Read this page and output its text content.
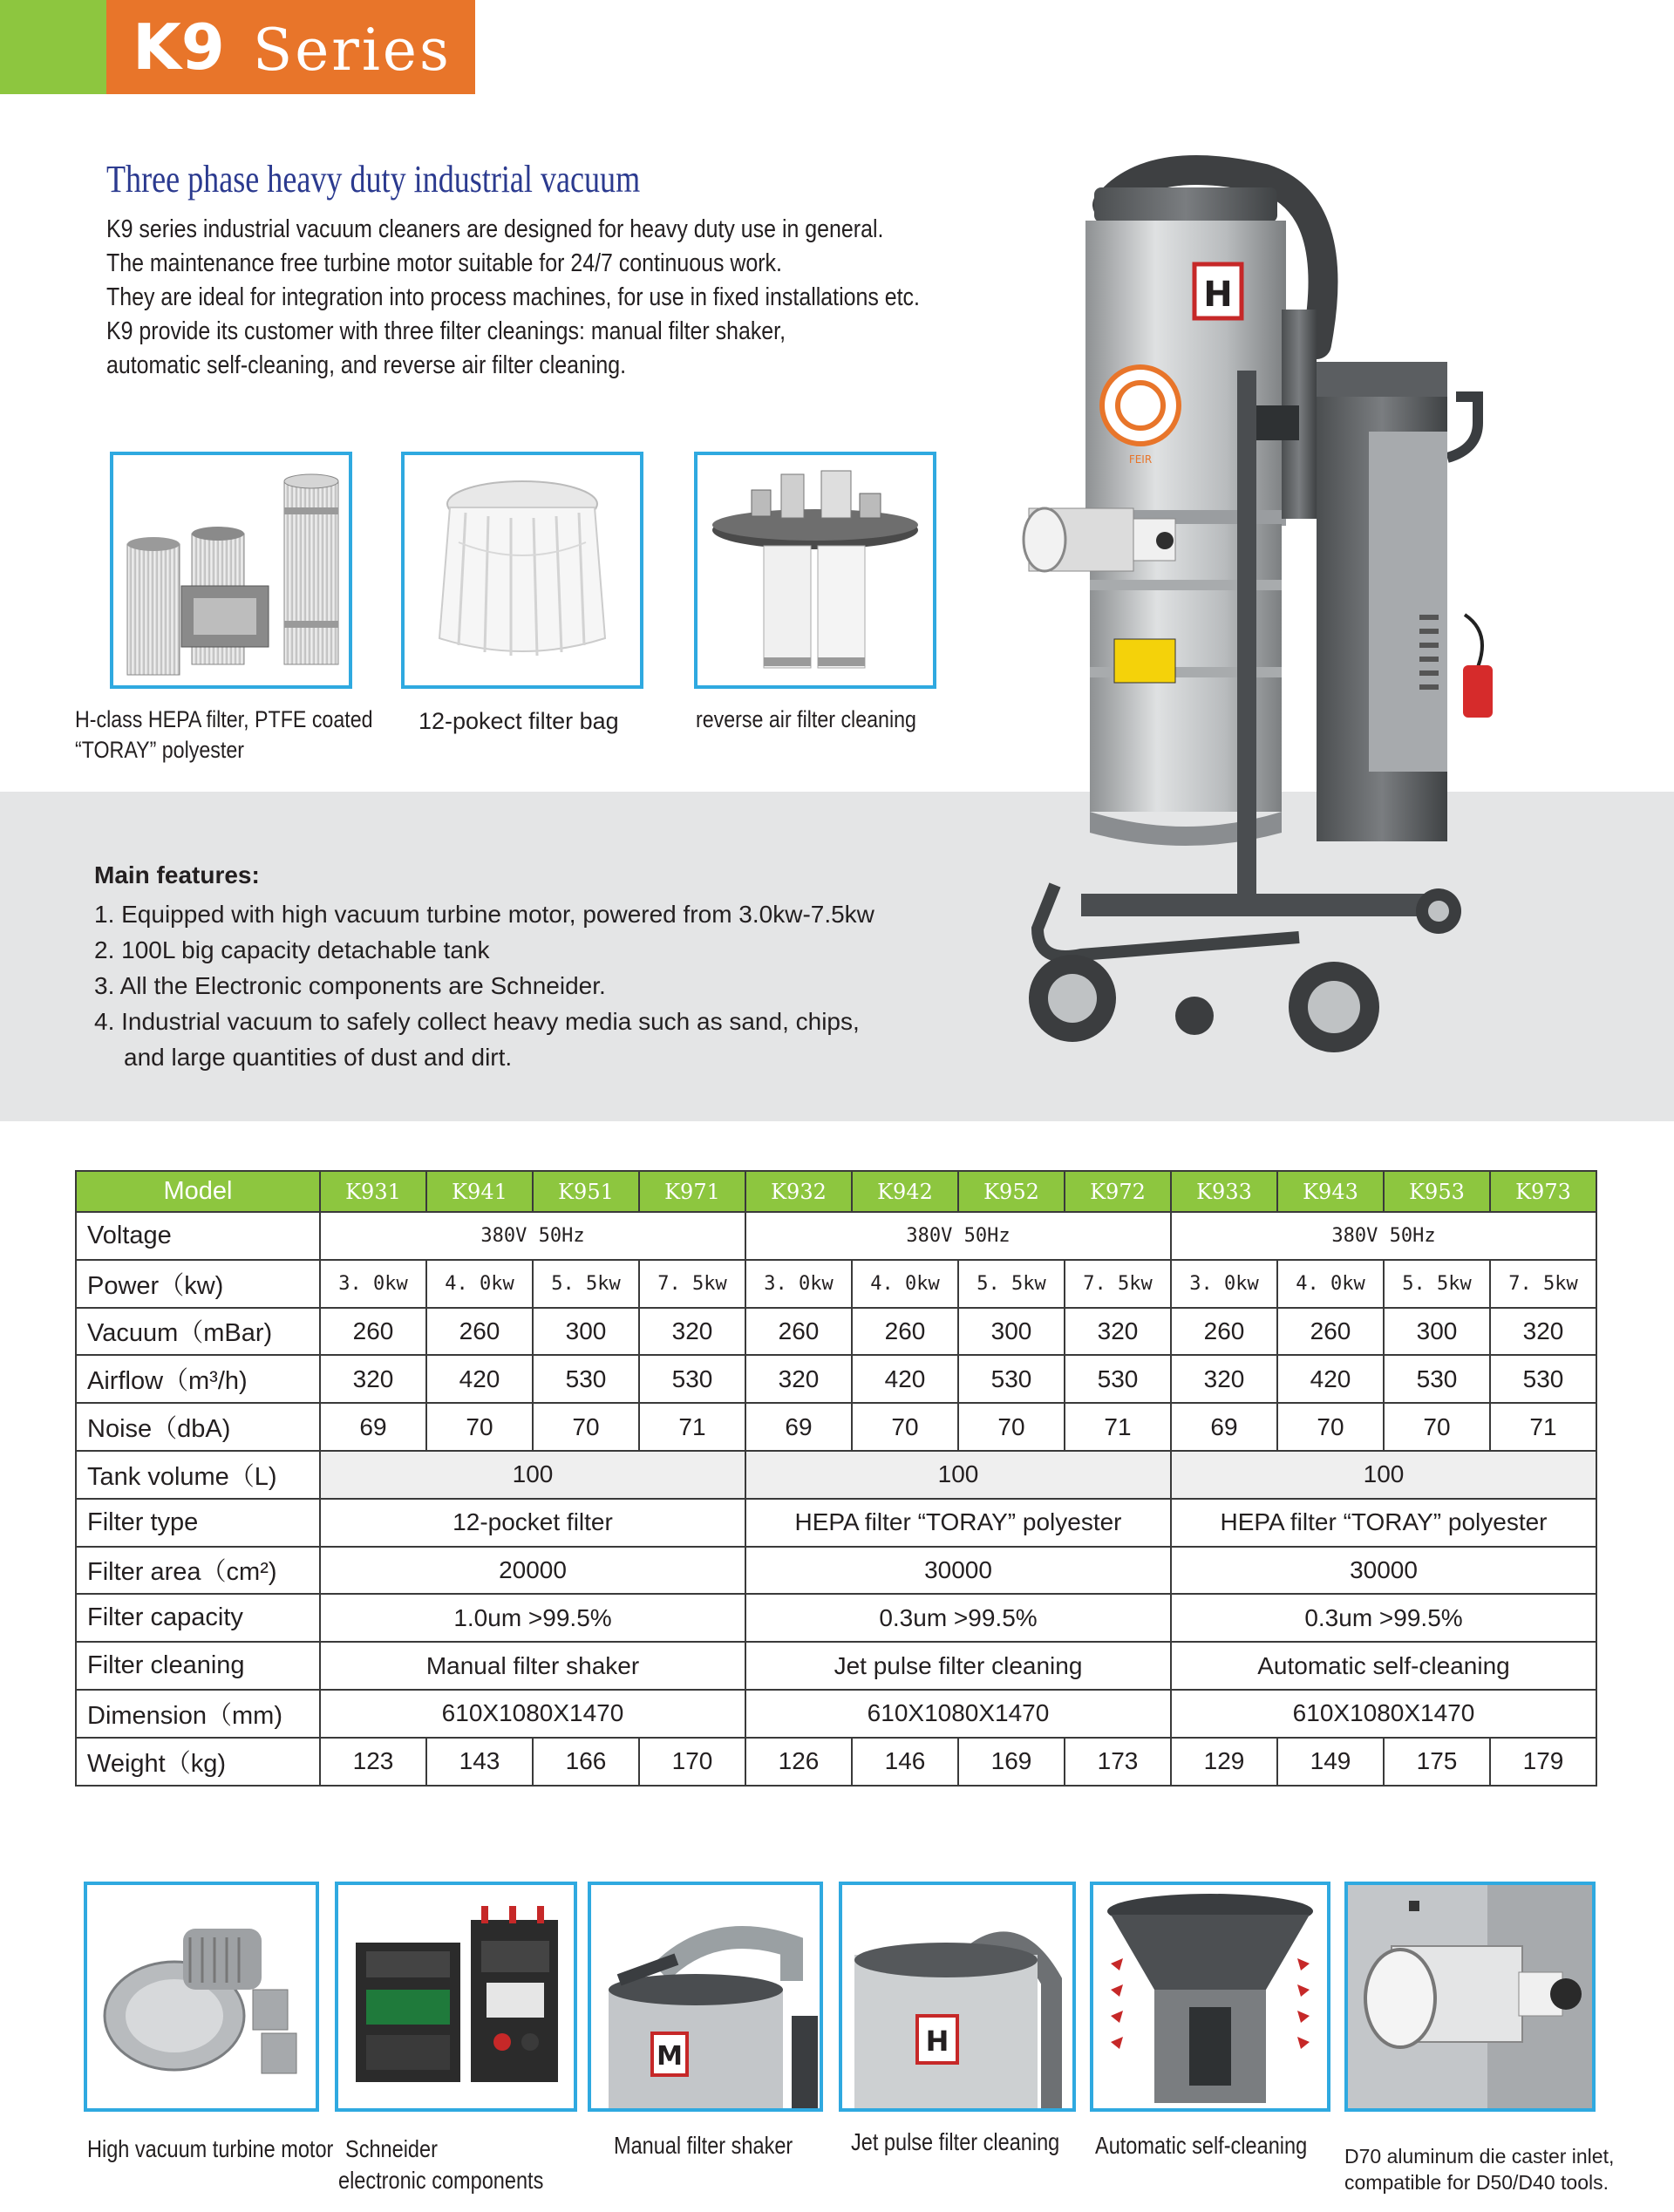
K9 Series
Three phase heavy duty industrial vacuum
K9 series industrial vacuum cleaners are designed for heavy duty use in general.
The maintenance free turbine motor suitable for 24/7 continuous work.
They are ideal for integration into process machines, for use in fixed installations etc.
K9 provide its customer with three filter cleanings: manual filter shaker,
automatic self-cleaning, and reverse air filter cleaning.
H-class HEPA filter, PTFE coated
“TORAY” polyester
12-pokect filter bag	reverse air filter cleaning
Main features:
1. Equipped with high vacuum turbine motor, powered from 3.0kw-7.5kw
2. 100L big capacity detachable tank
3. All the Electronic components are Schneider.
4. Industrial vacuum to safely collect heavy media such as sand, chips,
and large quantities of dust and dirt.
H
FEIR
Model	K931	K941	K951	K971	K932	K942	K952	K972	K933	K943	K953	K973
Voltage	380V 50Hz				380V 50Hz				380V 50Hz			
Power（kw)	3. 0kw	4. 0kw	5. 5kw	7. 5kw	3. 0kw	4. 0kw	5. 5kw	7. 5kw	3. 0kw	4. 0kw	5. 5kw	7. 5kw
Vacuum（mBar)	260	260	300	320	260	260	300	320	260	260	300	320
Airflow（m³/h)	320	420	530	530	320	420	530	530	320	420	530	530
Noise（dbA)	69	70	70	71	69	70	70	71	69	70	70	71
Tank volume（L)	100				100				100			
Filter type	12-pocket filter				HEPA filter “TORAY” polyester				HEPA filter “TORAY” polyester			
Filter area（cm²)	20000				30000				30000			
Filter capacity	1.0um >99.5%				0.3um >99.5%				0.3um >99.5%			
Filter cleaning	Manual filter shaker				Jet pulse filter cleaning				Automatic self-cleaning			
Dimension（mm)	610X1080X1470				610X1080X1470				610X1080X1470			
Weight（kg)	123	143	166	170	126	146	169	173	129	149	175	179
High vacuum turbine motor Schneider
electronic components
M
Manual filter shaker
H
Jet pulse filter cleaning Automatic self-cleaning D70 aluminum die caster inlet,
compatible for D50/D40 tools.
